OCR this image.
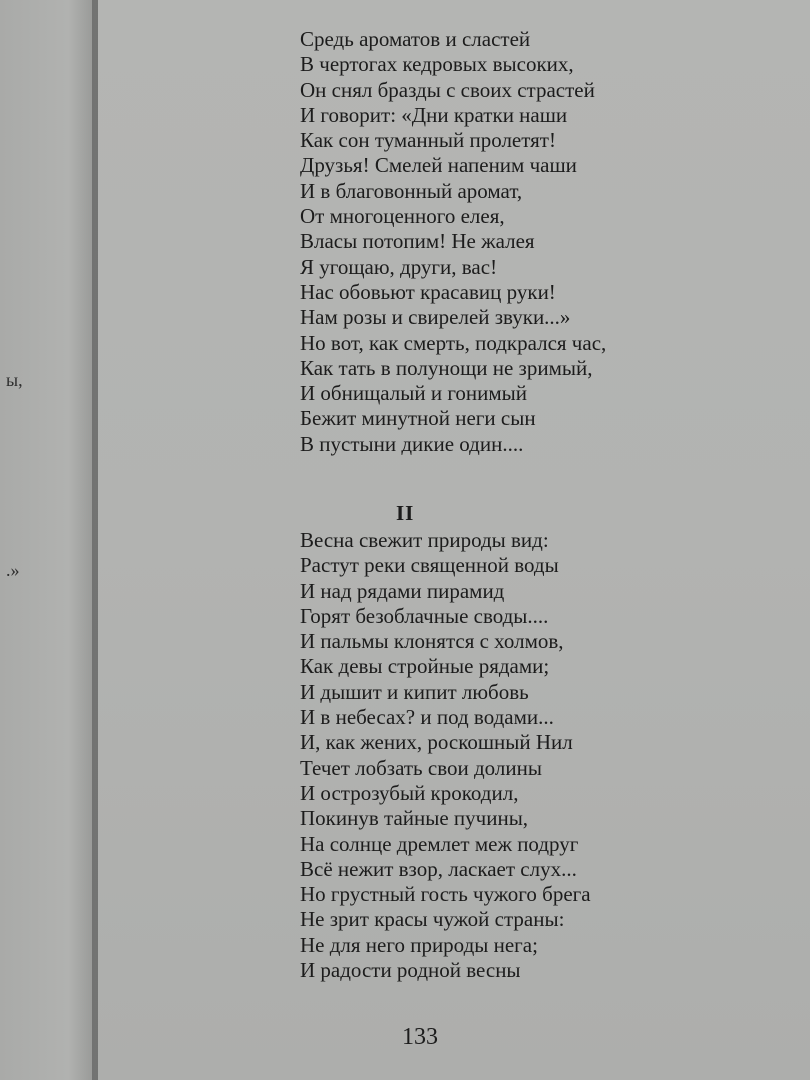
ы,

.»

Средь ароматов и сластей
В чертогах кедровых высоких,
Он снял бразды с своих страстей
И говорит: «Дни кратки наши
Как сон туманный пролетят!
Друзья! Смелей напеним чаши
И в благовонный аромат,
От многоценного елея,
Власы потопим! Не жалея
Я угощаю, други, вас!
Нас обовьют красавиц руки!
Нам розы и свирелей звуки...»
Но вот, как смерть, подкрался час,
Как тать в полунощи не зримый,
И обнищалый и гонимый
Бежит минутной неги сын
В пустыни дикие один....
II
Весна свежит природы вид:
Растут реки священной воды
И над рядами пирамид
Горят безоблачные своды....
И пальмы клонятся с холмов,
Как девы стройные рядами;
И дышит и кипит любовь
И в небесах? и под водами...
И, как жених, роскошный Нил
Течет лобзать свои долины
И острозубый крокодил,
Покинув тайные пучины,
На солнце дремлет меж подруг
Всё нежит взор, ласкает слух...
Но грустный гость чужого брега
Не зрит красы чужой страны:
Не для него природы нега;
И радости родной весны

133
